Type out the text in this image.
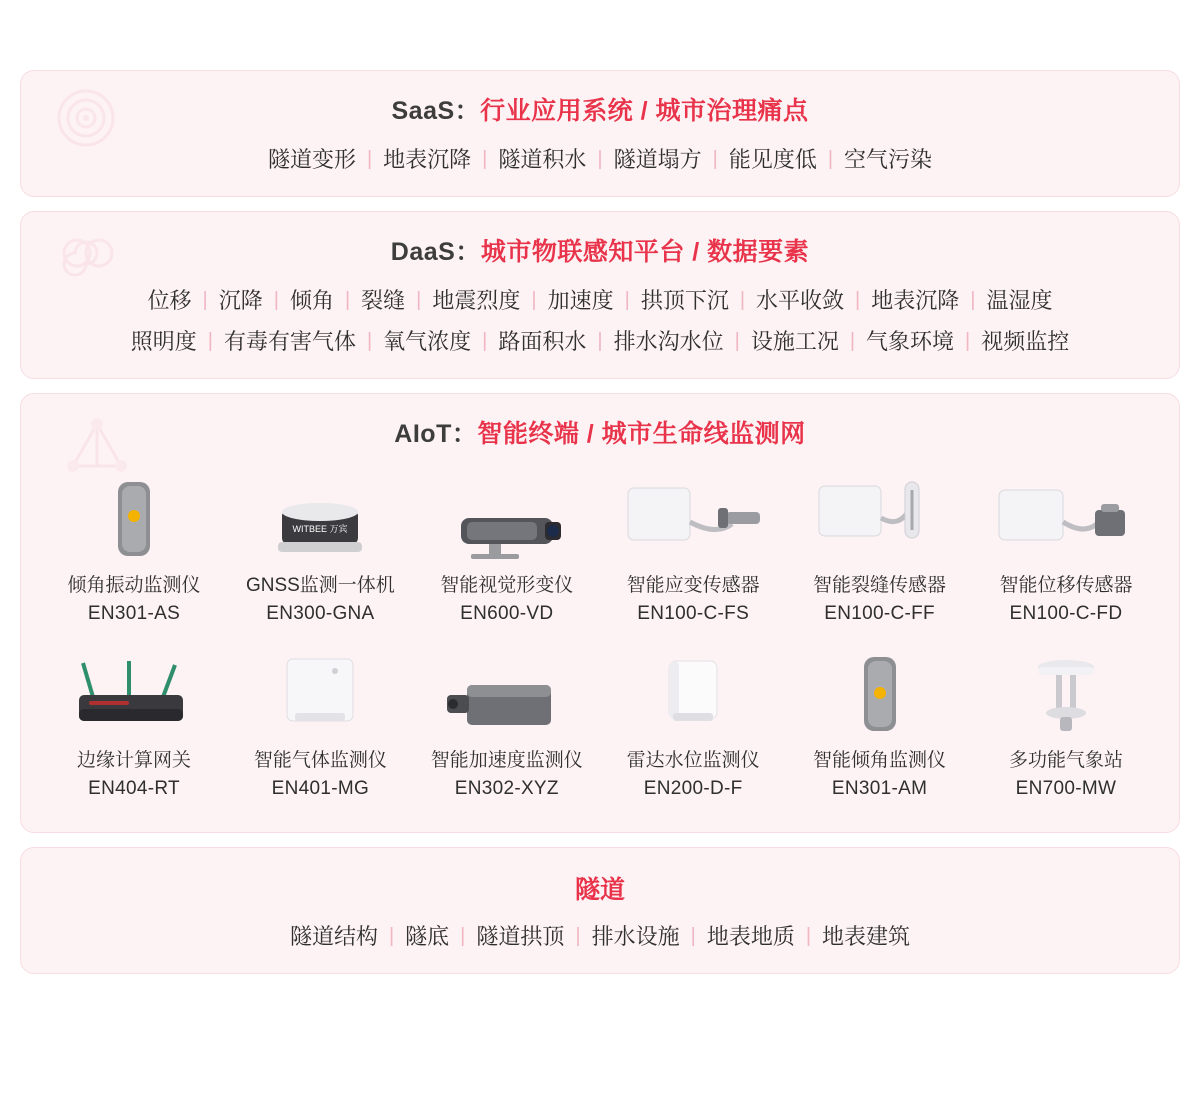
SaaS：行业应用系统 / 城市治理痛点
隧道变形 | 地表沉降 | 隧道积水 | 隧道塌方 | 能见度低 | 空气污染
DaaS：城市物联感知平台 / 数据要素
位移 | 沉降 | 倾角 | 裂缝 | 地震烈度 | 加速度 | 拱顶下沉 | 水平收敛 | 地表沉降 | 温湿度
照明度 | 有毒有害气体 | 氧气浓度 | 路面积水 | 排水沟水位 | 设施工况 | 气象环境 | 视频监控
AIoT：智能终端 / 城市生命线监测网
倾角振动监测仪
EN301-AS
WITBEE 万宾
GNSS监测一体机
EN300-GNA
智能视觉形变仪
EN600-VD
智能应变传感器
EN100-C-FS
智能裂缝传感器
EN100-C-FF
智能位移传感器
EN100-C-FD
边缘计算网关
EN404-RT
智能气体监测仪
EN401-MG
智能加速度监测仪
EN302-XYZ
雷达水位监测仪
EN200-D-F
智能倾角监测仪
EN301-AM
多功能气象站
EN700-MW
隧道
隧道结构 | 隧底 | 隧道拱顶 | 排水设施 | 地表地质 | 地表建筑
